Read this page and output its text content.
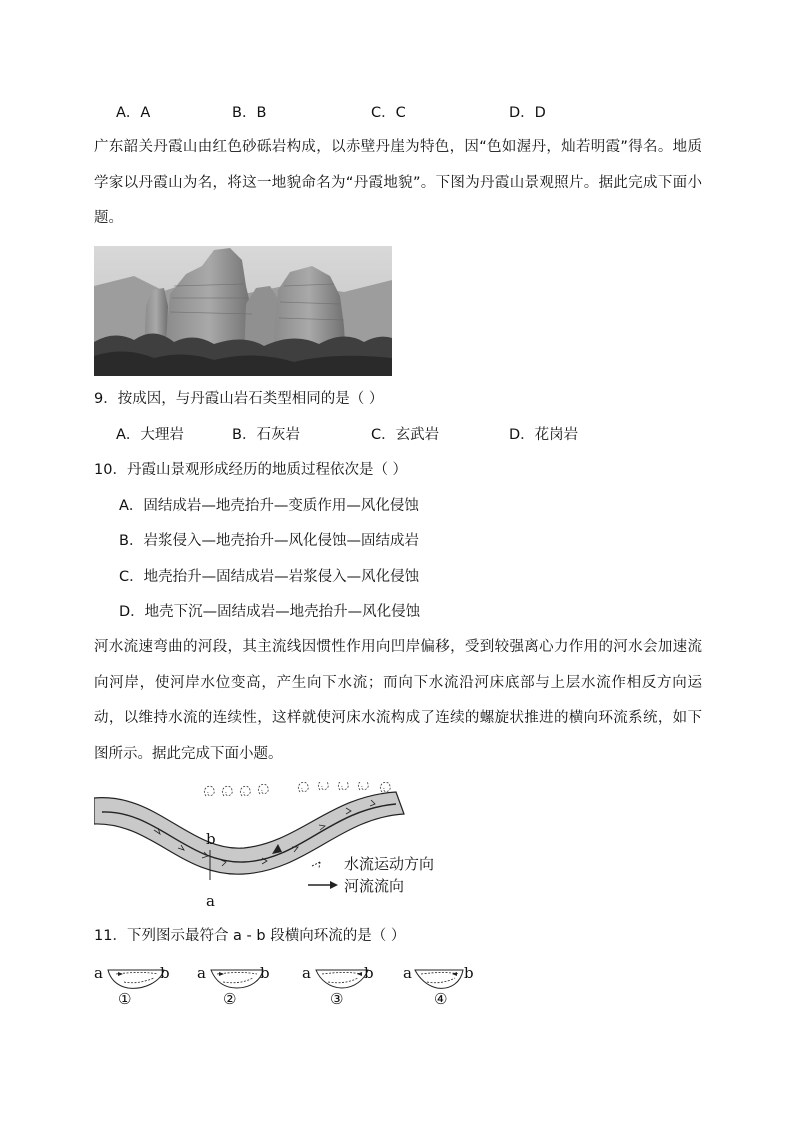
A．A	B．B	C．C	D．D
广东韶关丹霞山由红色砂砾岩构成，以赤壁丹崖为特色，因“色如渥丹，灿若明霞”得名。地质学家以丹霞山为名，将这一地貌命名为“丹霞地貌”。下图为丹霞山景观照片。据此完成下面小题。
9．按成因，与丹霞山岩石类型相同的是（ ）
A．大理岩	B．石灰岩	C．玄武岩	D．花岗岩
10．丹霞山景观形成经历的地质过程依次是（ ）
A．固结成岩—地壳抬升—变质作用—风化侵蚀
B．岩浆侵入—地壳抬升—风化侵蚀—固结成岩
C．地壳抬升—固结成岩—岩浆侵入—风化侵蚀
D．地壳下沉—固结成岩—地壳抬升—风化侵蚀
河水流速弯曲的河段，其主流线因惯性作用向凹岸偏移，受到较强离心力作用的河水会加速流向河岸，使河岸水位变高，产生向下水流；而向下水流沿河床底部与上层水流作相反方向运动，以维持水流的连续性，这样就使河床水流构成了连续的螺旋状推进的横向环流系统，如下图所示。据此完成下面小题。
b
a
水流运动方向
河流流向
11．下列图示最符合 a - b 段横向环流的是（ ）
a	b
①
a	b
②
a	b
③
a	b
④
